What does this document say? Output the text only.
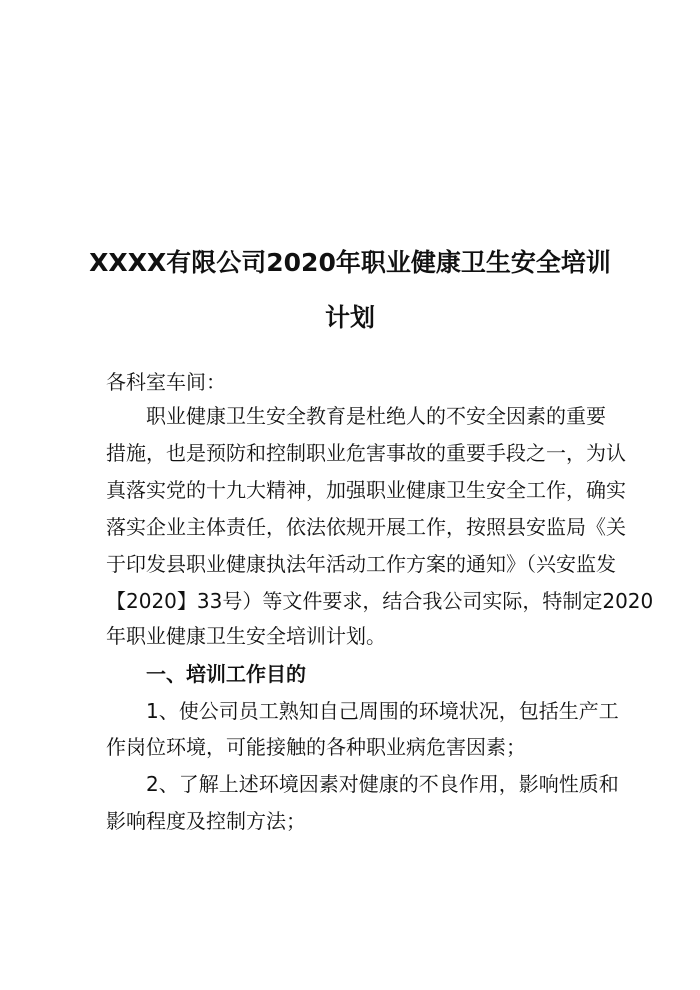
XXXX有限公司2020年职业健康卫生安全培训
计划
各科室车间：
职业健康卫生安全教育是杜绝人的不安全因素的重要
措施，也是预防和控制职业危害事故的重要手段之一，为认
真落实党的十九大精神，加强职业健康卫生安全工作，确实
落实企业主体责任，依法依规开展工作，按照县安监局《关
于印发县职业健康执法年活动工作方案的通知》（兴安监发
【2020】33号）等文件要求，结合我公司实际，特制定2020
年职业健康卫生安全培训计划。
一、培训工作目的
1、使公司员工熟知自己周围的环境状况，包括生产工
作岗位环境，可能接触的各种职业病危害因素；
2、了解上述环境因素对健康的不良作用，影响性质和
影响程度及控制方法；
